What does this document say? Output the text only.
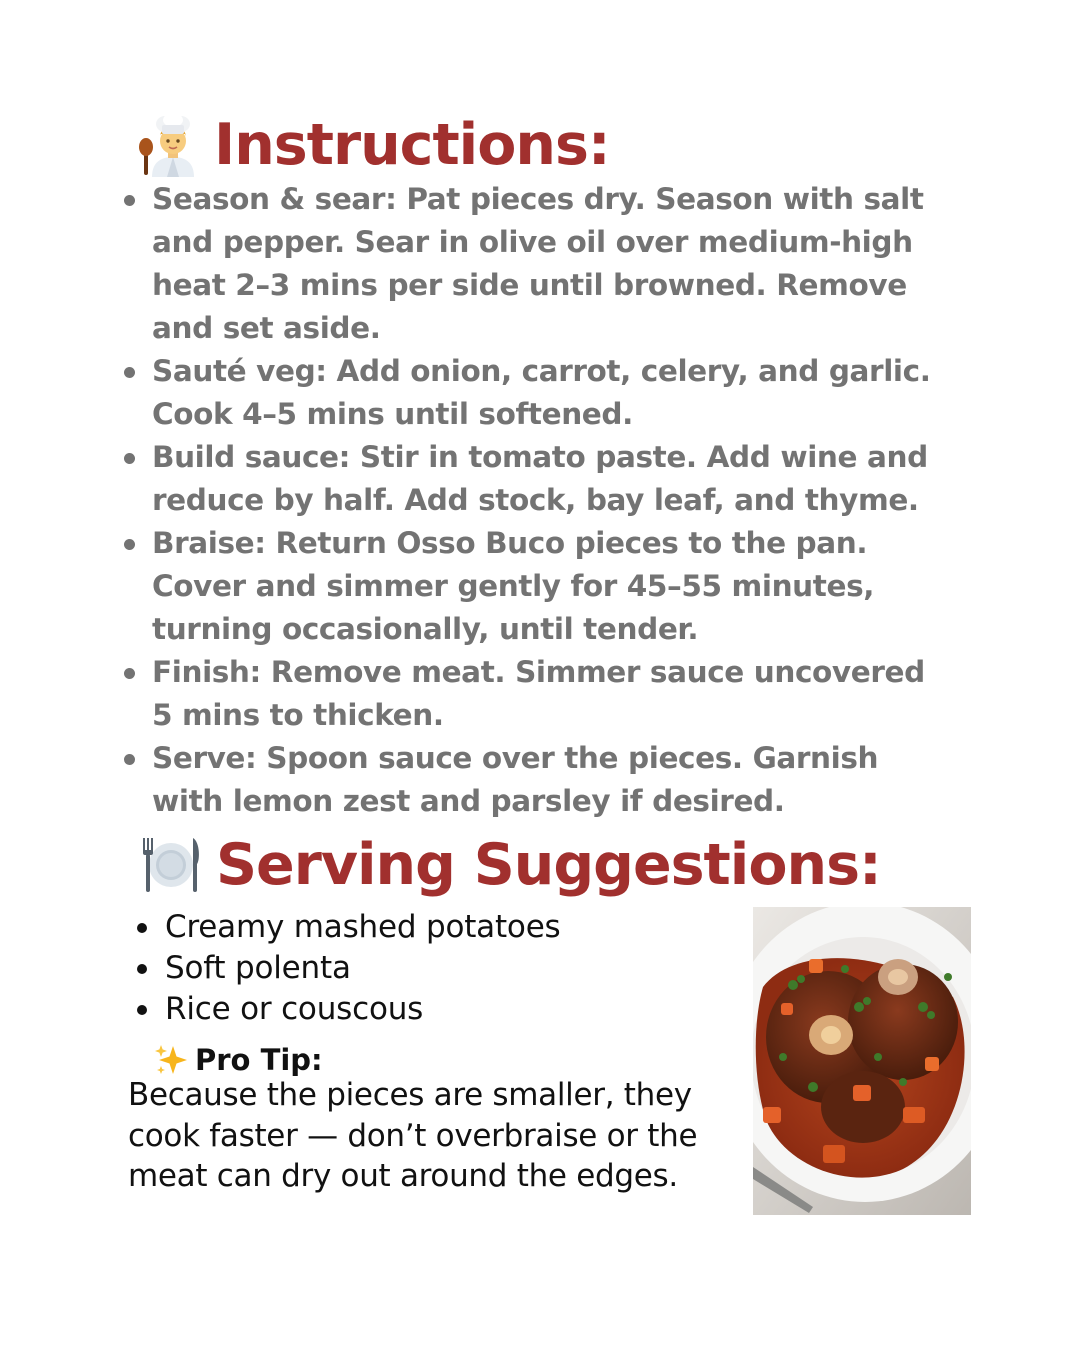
Instructions:
Season & sear: Pat pieces dry. Season with salt and pepper. Sear in olive oil over medium-high heat 2–3 mins per side until browned. Remove and set aside.
Sauté veg: Add onion, carrot, celery, and garlic. Cook 4–5 mins until softened.
Build sauce: Stir in tomato paste. Add wine and reduce by half. Add stock, bay leaf, and thyme.
Braise: Return Osso Buco pieces to the pan. Cover and simmer gently for 45–55 minutes, turning occasionally, until tender.
Finish: Remove meat. Simmer sauce uncovered 5 mins to thicken.
Serve: Spoon sauce over the pieces. Garnish with lemon zest and parsley if desired.
Serving Suggestions:
Creamy mashed potatoes
Soft polenta
Rice or couscous
Pro Tip:

Because the pieces are smaller, they cook faster — don’t overbraise or the meat can dry out around the edges.
